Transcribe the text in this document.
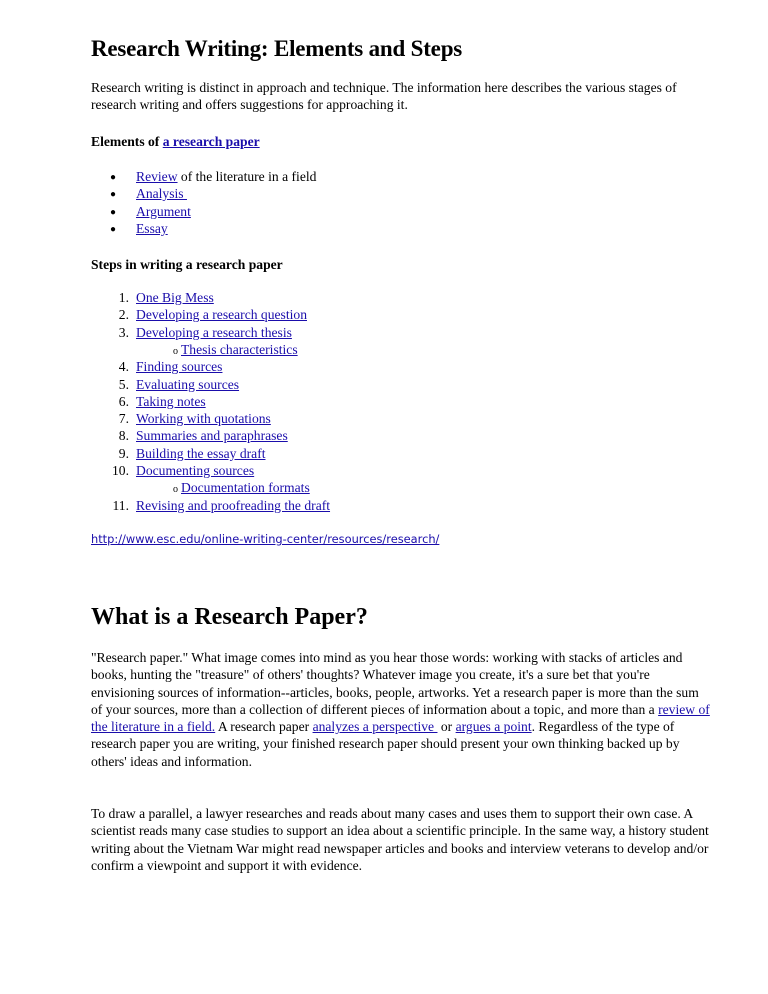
Research Writing: Elements and Steps

Research writing is distinct in approach and technique. The information here describes the various stages of research writing and offers suggestions for approaching it.

Elements of a research paper
● Review of the literature in a field
● Analysis
● Argument
● Essay
Steps in writing a research paper
1. One Big Mess
2. Developing a research question
3. Developing a research thesis
o Thesis characteristics
4. Finding sources
5. Evaluating sources
6. Taking notes
7. Working with quotations
8. Summaries and paraphrases
9. Building the essay draft
10. Documenting sources
o Documentation formats
11. Revising and proofreading the draft
http://www.esc.edu/online-writing-center/resources/research/
What is a Research Paper?

"Research paper." What image comes into mind as you hear those words: working with stacks of articles and books, hunting the "treasure" of others' thoughts? Whatever image you create, it's a sure bet that you're envisioning sources of information--articles, books, people, artworks. Yet a research paper is more than the sum of your sources, more than a collection of different pieces of information about a topic, and more than a review of the literature in a field. A research paper analyzes a perspective  or argues a point. Regardless of the type of research paper you are writing, your finished research paper should present your own thinking backed up by others' ideas and information.

To draw a parallel, a lawyer researches and reads about many cases and uses them to support their own case. A scientist reads many case studies to support an idea about a scientific principle. In the same way, a history student writing about the Vietnam War might read newspaper articles and books and interview veterans to develop and/or confirm a viewpoint and support it with evidence.
